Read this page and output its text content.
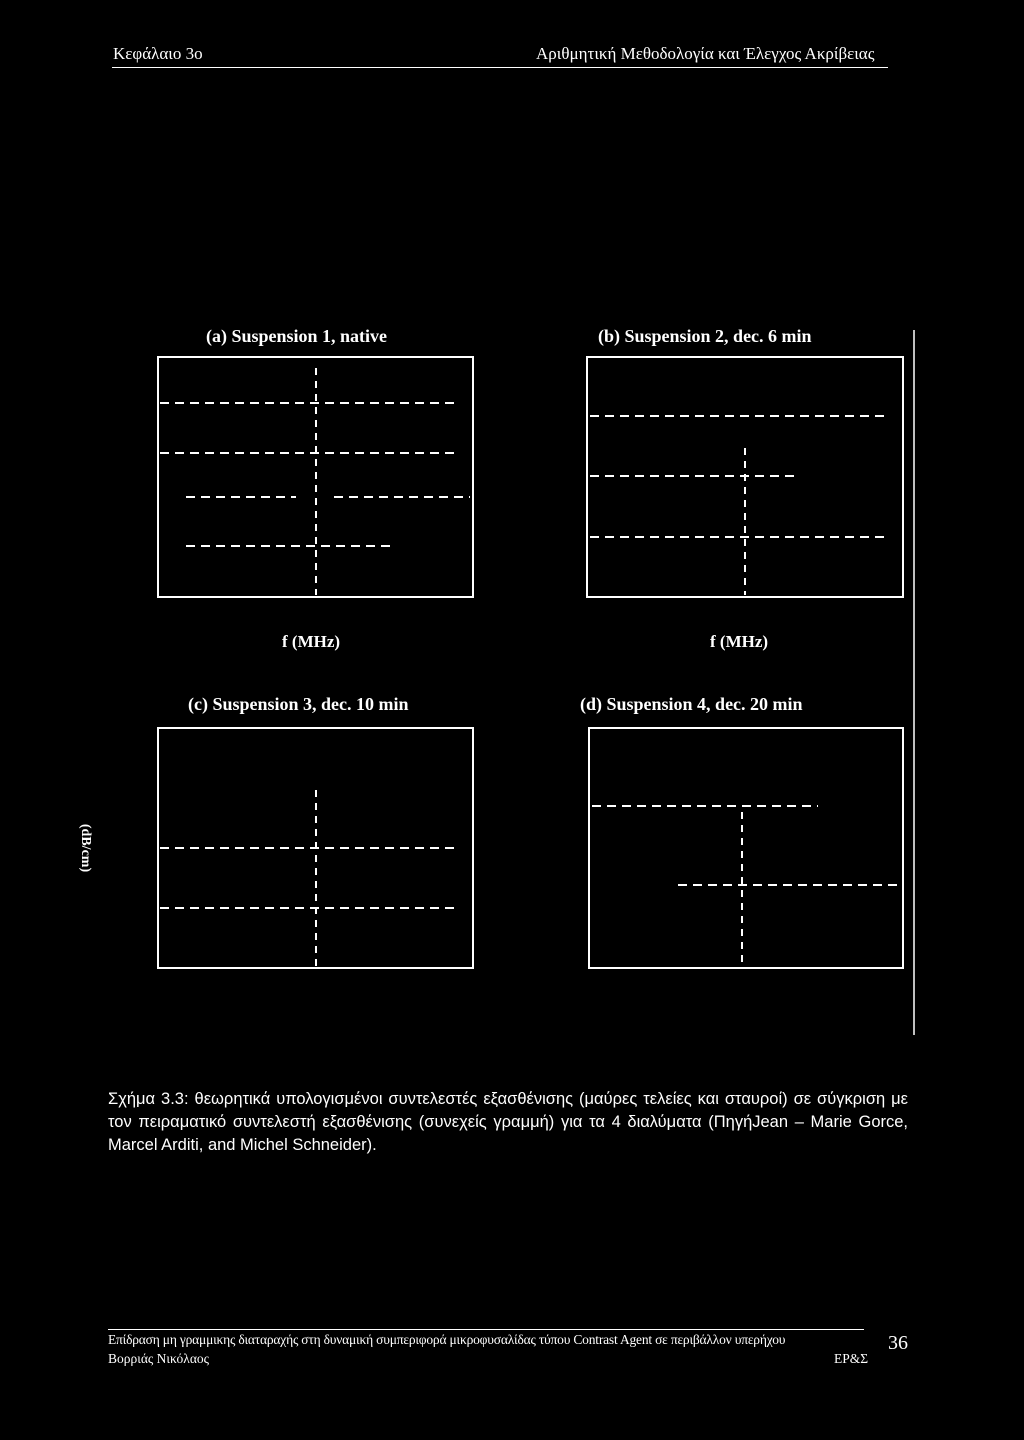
Κεφάλαιο 3ο	Αριθμητική Μεθοδολογία και Έλεγχος Ακρίβειας
(a) Suspension 1, native	(b) Suspension 2, dec. 6 min
(c) Suspension 3, dec. 10 min	(d) Suspension 4, dec. 20 min
f (MHz)	f (MHz)
(dB/cm)
Σχήμα 3.3: θεωρητικά υπολογισμένοι συντελεστές εξασθένισης (μαύρες τελείες και σταυροί) σε σύγκριση με τον πειραματικό συντελεστή εξασθένισης (συνεχείς γραμμή) για τα 4 διαλύματα (ΠηγήJean – Marie Gorce, Marcel Arditi, and Michel Schneider).
Επίδραση μη γραμμικης διαταραχής στη δυναμική συμπεριφορά μικροφυσαλίδας τύπου Contrast Agent σε περιβάλλον υπερήχου
Βορριάς Νικόλαος	ΕΡ&Σ
36
